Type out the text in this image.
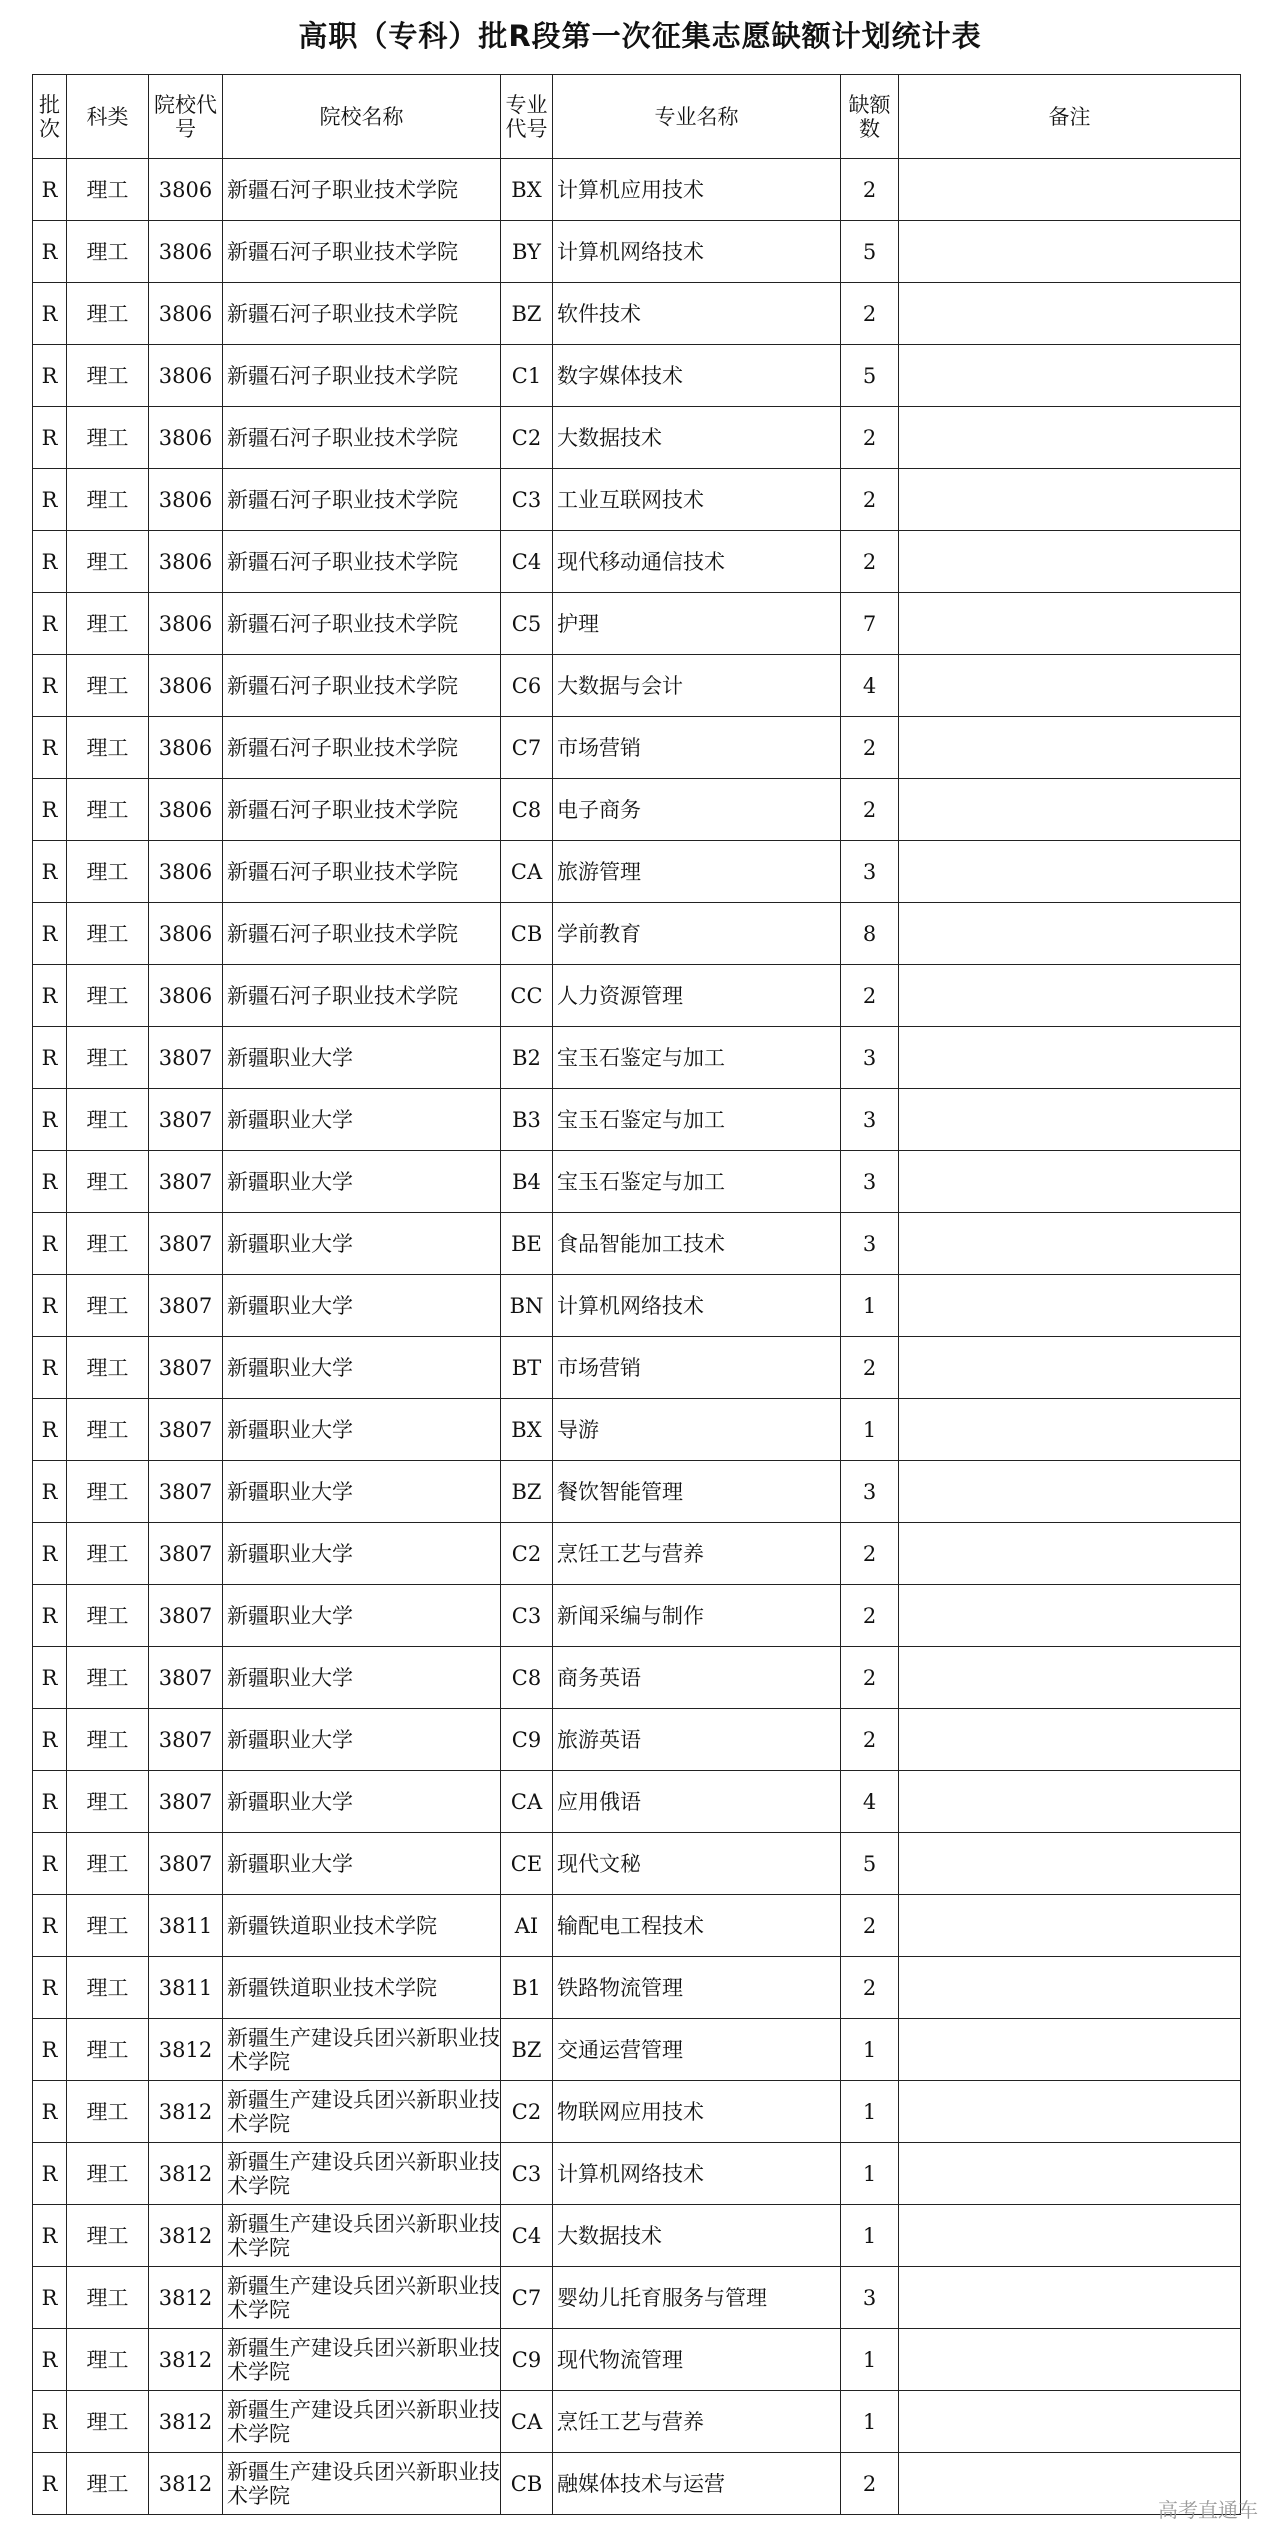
高职（专科）批R段第一次征集志愿缺额计划统计表
批次	科类	院校代号	院校名称	专业代号	专业名称	缺额数	备注
R	理工	3806	新疆石河子职业技术学院	BX	计算机应用技术	2	
R	理工	3806	新疆石河子职业技术学院	BY	计算机网络技术	5	
R	理工	3806	新疆石河子职业技术学院	BZ	软件技术	2	
R	理工	3806	新疆石河子职业技术学院	C1	数字媒体技术	5	
R	理工	3806	新疆石河子职业技术学院	C2	大数据技术	2	
R	理工	3806	新疆石河子职业技术学院	C3	工业互联网技术	2	
R	理工	3806	新疆石河子职业技术学院	C4	现代移动通信技术	2	
R	理工	3806	新疆石河子职业技术学院	C5	护理	7	
R	理工	3806	新疆石河子职业技术学院	C6	大数据与会计	4	
R	理工	3806	新疆石河子职业技术学院	C7	市场营销	2	
R	理工	3806	新疆石河子职业技术学院	C8	电子商务	2	
R	理工	3806	新疆石河子职业技术学院	CA	旅游管理	3	
R	理工	3806	新疆石河子职业技术学院	CB	学前教育	8	
R	理工	3806	新疆石河子职业技术学院	CC	人力资源管理	2	
R	理工	3807	新疆职业大学	B2	宝玉石鉴定与加工	3	
R	理工	3807	新疆职业大学	B3	宝玉石鉴定与加工	3	
R	理工	3807	新疆职业大学	B4	宝玉石鉴定与加工	3	
R	理工	3807	新疆职业大学	BE	食品智能加工技术	3	
R	理工	3807	新疆职业大学	BN	计算机网络技术	1	
R	理工	3807	新疆职业大学	BT	市场营销	2	
R	理工	3807	新疆职业大学	BX	导游	1	
R	理工	3807	新疆职业大学	BZ	餐饮智能管理	3	
R	理工	3807	新疆职业大学	C2	烹饪工艺与营养	2	
R	理工	3807	新疆职业大学	C3	新闻采编与制作	2	
R	理工	3807	新疆职业大学	C8	商务英语	2	
R	理工	3807	新疆职业大学	C9	旅游英语	2	
R	理工	3807	新疆职业大学	CA	应用俄语	4	
R	理工	3807	新疆职业大学	CE	现代文秘	5	
R	理工	3811	新疆铁道职业技术学院	AI	输配电工程技术	2	
R	理工	3811	新疆铁道职业技术学院	B1	铁路物流管理	2	
R	理工	3812	新疆生产建设兵团兴新职业技术学院	BZ	交通运营管理	1	
R	理工	3812	新疆生产建设兵团兴新职业技术学院	C2	物联网应用技术	1	
R	理工	3812	新疆生产建设兵团兴新职业技术学院	C3	计算机网络技术	1	
R	理工	3812	新疆生产建设兵团兴新职业技术学院	C4	大数据技术	1	
R	理工	3812	新疆生产建设兵团兴新职业技术学院	C7	婴幼儿托育服务与管理	3	
R	理工	3812	新疆生产建设兵团兴新职业技术学院	C9	现代物流管理	1	
R	理工	3812	新疆生产建设兵团兴新职业技术学院	CA	烹饪工艺与营养	1	
R	理工	3812	新疆生产建设兵团兴新职业技术学院	CB	融媒体技术与运营	2	
高考直通车
